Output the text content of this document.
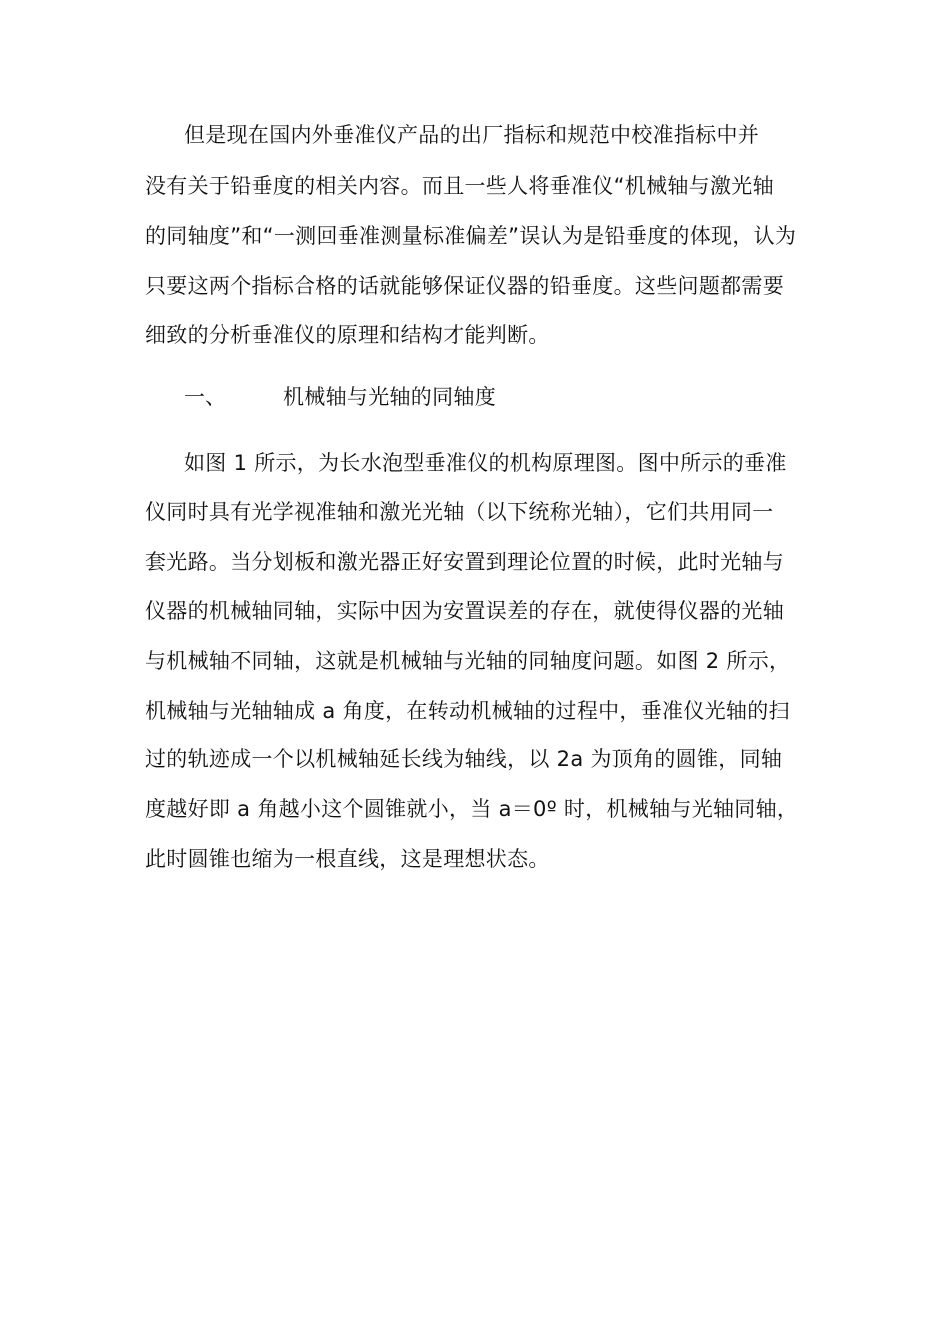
但是现在国内外垂准仪产品的出厂指标和规范中校准指标中并
没有关于铅垂度的相关内容。而且一些人将垂准仪“机械轴与激光轴
的同轴度”和“一测回垂准测量标准偏差”误认为是铅垂度的体现，认为
只要这两个指标合格的话就能够保证仪器的铅垂度。这些问题都需要
细致的分析垂准仪的原理和结构才能判断。
一、	机械轴与光轴的同轴度
如图 1 所示，为长水泡型垂准仪的机构原理图。图中所示的垂准
仪同时具有光学视准轴和激光光轴（以下统称光轴），它们共用同一
套光路。当分划板和激光器正好安置到理论位置的时候，此时光轴与
仪器的机械轴同轴，实际中因为安置误差的存在，就使得仪器的光轴
与机械轴不同轴，这就是机械轴与光轴的同轴度问题。如图 2 所示，
机械轴与光轴轴成 a 角度，在转动机械轴的过程中，垂准仪光轴的扫
过的轨迹成一个以机械轴延长线为轴线，以 2a 为顶角的圆锥，同轴
度越好即 a 角越小这个圆锥就小，当 a＝0º 时，机械轴与光轴同轴，
此时圆锥也缩为一根直线，这是理想状态。
